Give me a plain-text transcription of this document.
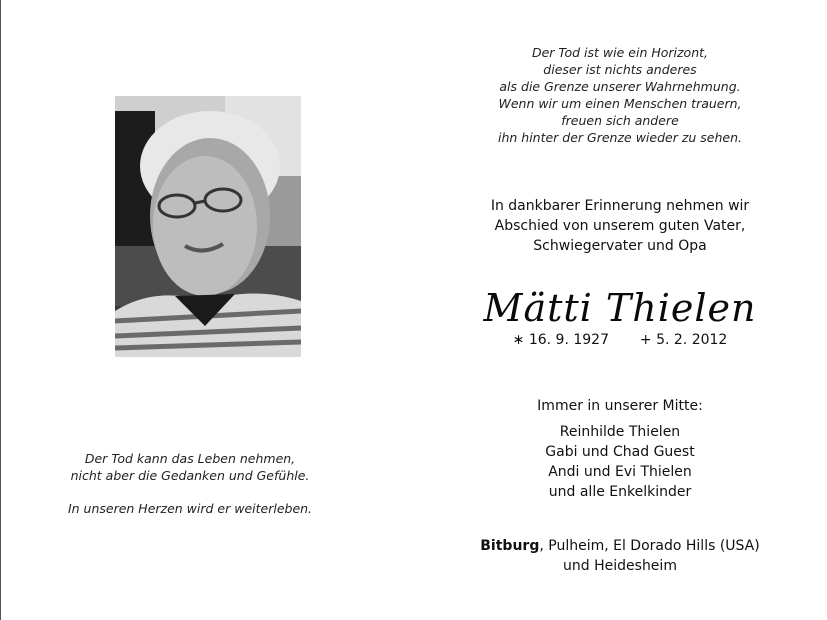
Der Tod ist wie ein Horizont,
dieser ist nichts anderes
als die Grenze unserer Wahrnehmung.
Wenn wir um einen Menschen trauern,
freuen sich andere
ihn hinter der Grenze wieder zu sehen.
In dankbarer Erinnerung nehmen wir
Abschied von unserem guten Vater,
Schwiegervater und Opa
Mätti Thielen
∗ 16. 9. 1927 + 5. 2. 2012
Immer in unserer Mitte:
Reinhilde Thielen
Gabi und Chad Guest
Andi und Evi Thielen
und alle Enkelkinder
Bitburg, Pulheim, El Dorado Hills (USA)
und Heidesheim
Der Tod kann das Leben nehmen,
nicht aber die Gedanken und Gefühle.
In unseren Herzen wird er weiterleben.
